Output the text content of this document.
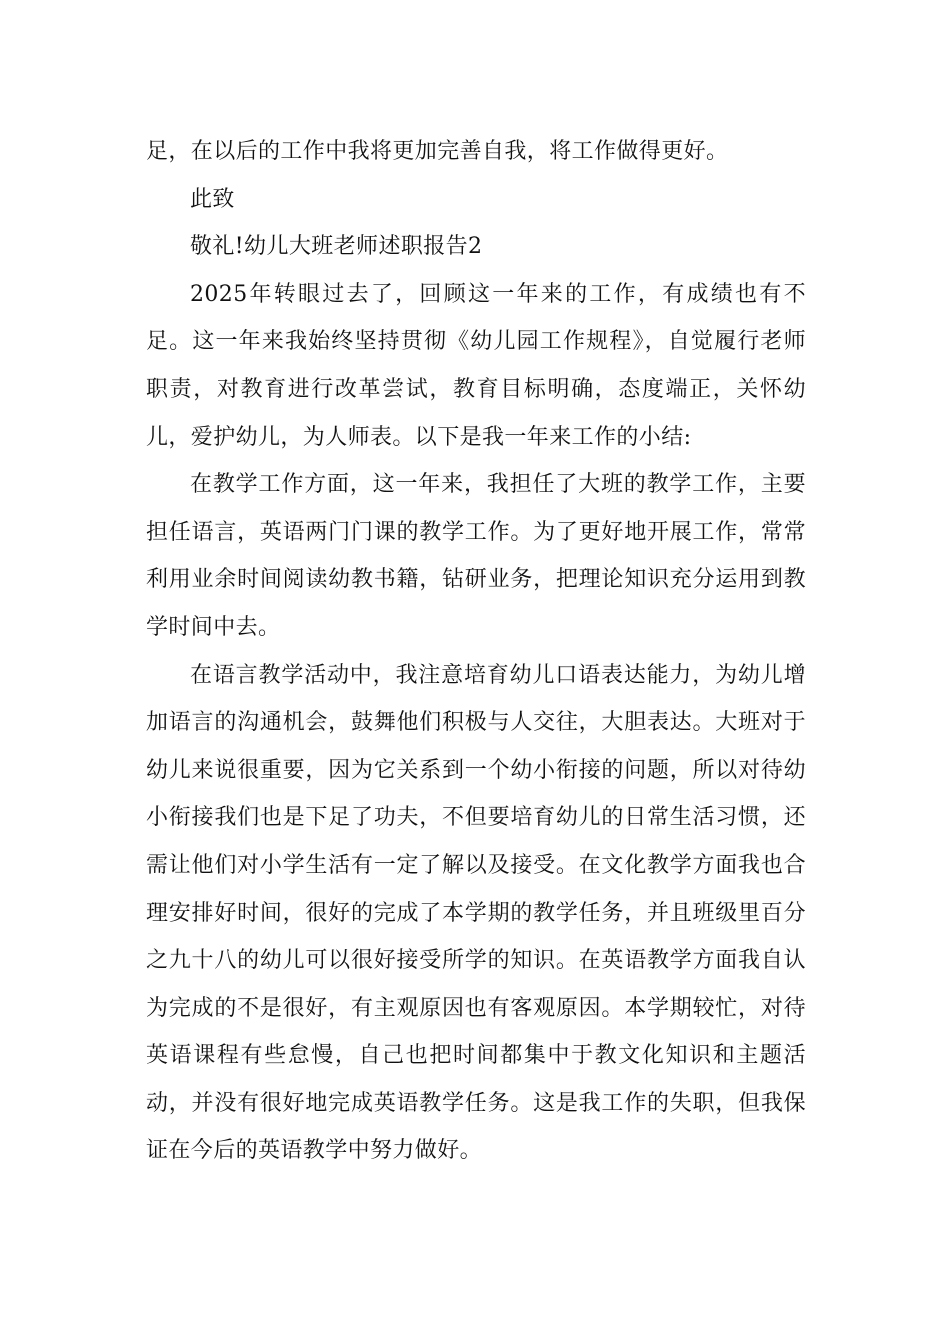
足，在以后的工作中我将更加完善自我，将工作做得更好。

此致

敬礼!幼儿大班老师述职报告2

2025年转眼过去了，回顾这一年来的工作，有成绩也有不足。这一年来我始终坚持贯彻《幼儿园工作规程》，自觉履行老师职责，对教育进行改革尝试，教育目标明确，态度端正，关怀幼儿，爱护幼儿，为人师表。以下是我一年来工作的小结:

在教学工作方面，这一年来，我担任了大班的教学工作，主要担任语言，英语两门门课的教学工作。为了更好地开展工作，常常利用业余时间阅读幼教书籍，钻研业务，把理论知识充分运用到教学时间中去。

在语言教学活动中，我注意培育幼儿口语表达能力，为幼儿增加语言的沟通机会，鼓舞他们积极与人交往，大胆表达。大班对于幼儿来说很重要，因为它关系到一个幼小衔接的问题，所以对待幼小衔接我们也是下足了功夫，不但要培育幼儿的日常生活习惯，还需让他们对小学生活有一定了解以及接受。在文化教学方面我也合理安排好时间，很好的完成了本学期的教学任务，并且班级里百分之九十八的幼儿可以很好接受所学的知识。在英语教学方面我自认为完成的不是很好，有主观原因也有客观原因。本学期较忙，对待英语课程有些怠慢，自己也把时间都集中于教文化知识和主题活动，并没有很好地完成英语教学任务。这是我工作的失职，但我保证在今后的英语教学中努力做好。
